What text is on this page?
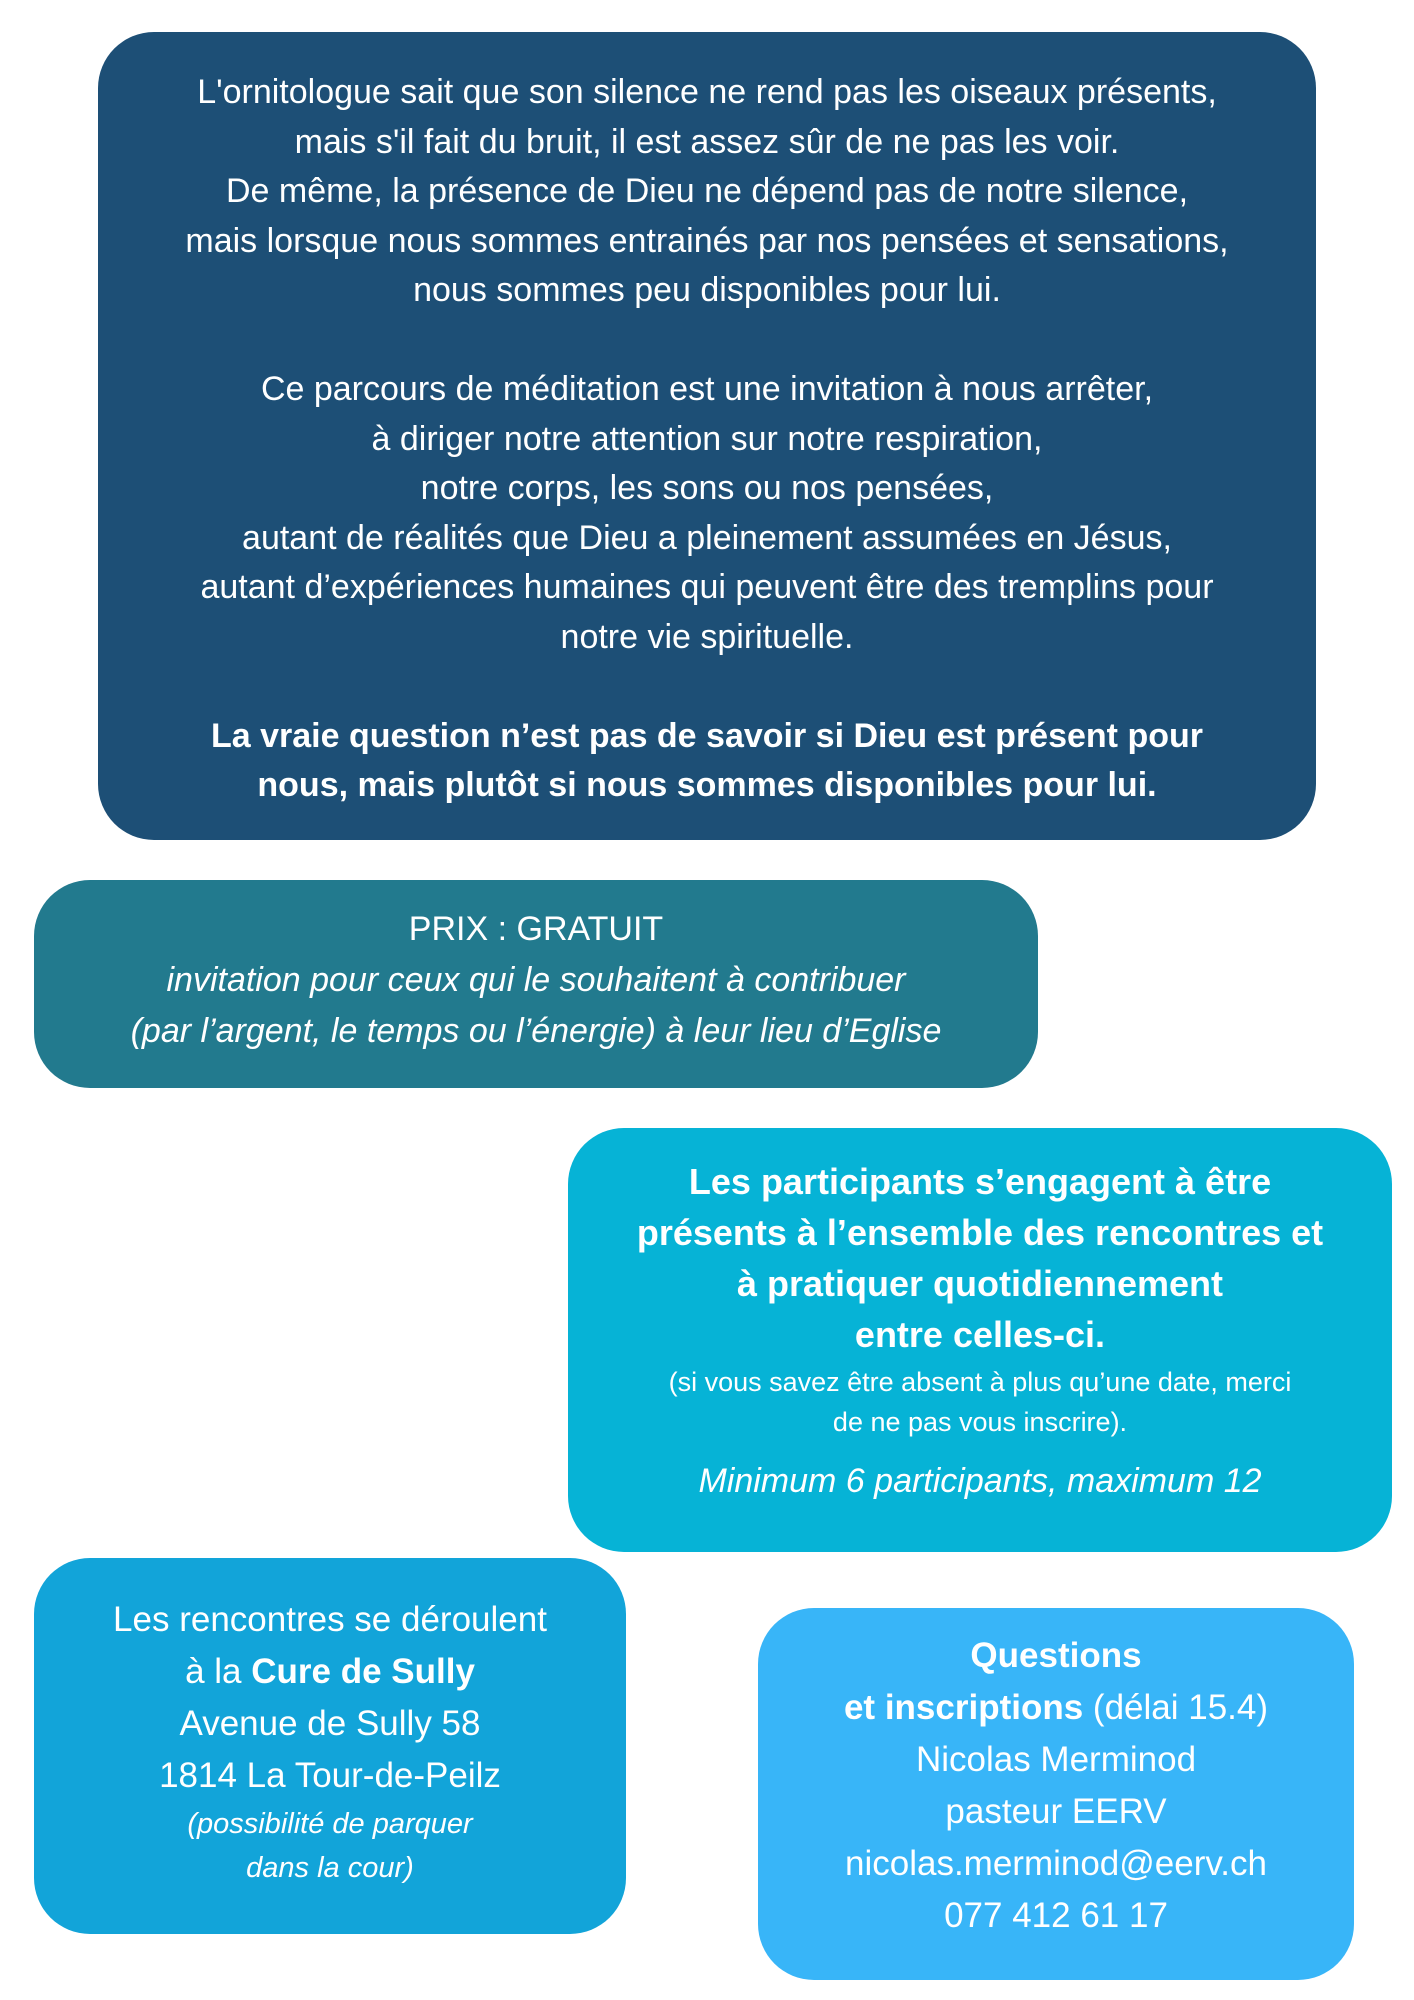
L'ornitologue sait que son silence ne rend pas les oiseaux présents,

mais s'il fait du bruit, il est assez sûr de ne pas les voir.

De même, la présence de Dieu ne dépend pas de notre silence,

mais lorsque nous sommes entrainés par nos pensées et sensations,

nous sommes peu disponibles pour lui.

Ce parcours de méditation est une invitation à nous arrêter,

à diriger notre attention sur notre respiration,

notre corps, les sons ou nos pensées,

autant de réalités que Dieu a pleinement assumées en Jésus,

autant d’expériences humaines qui peuvent être des tremplins pour

notre vie spirituelle.

La vraie question n’est pas de savoir si Dieu est présent pour

nous, mais plutôt si nous sommes disponibles pour lui.

PRIX : GRATUIT

invitation pour ceux qui le souhaitent à contribuer

(par l’argent, le temps ou l’énergie) à leur lieu d’Eglise

Les participants s’engagent à être

présents à l’ensemble des rencontres et

à pratiquer quotidiennement

entre celles-ci.

(si vous savez être absent à plus qu’une date, merci

de ne pas vous inscrire).

Minimum 6 participants, maximum 12

Les rencontres se déroulent

à la Cure de Sully

Avenue de Sully 58

1814 La Tour-de-Peilz

(possibilité de parquer

dans la cour)

Questions

et inscriptions (délai 15.4)

Nicolas Merminod

pasteur EERV

nicolas.merminod@eerv.ch

077 412 61 17
